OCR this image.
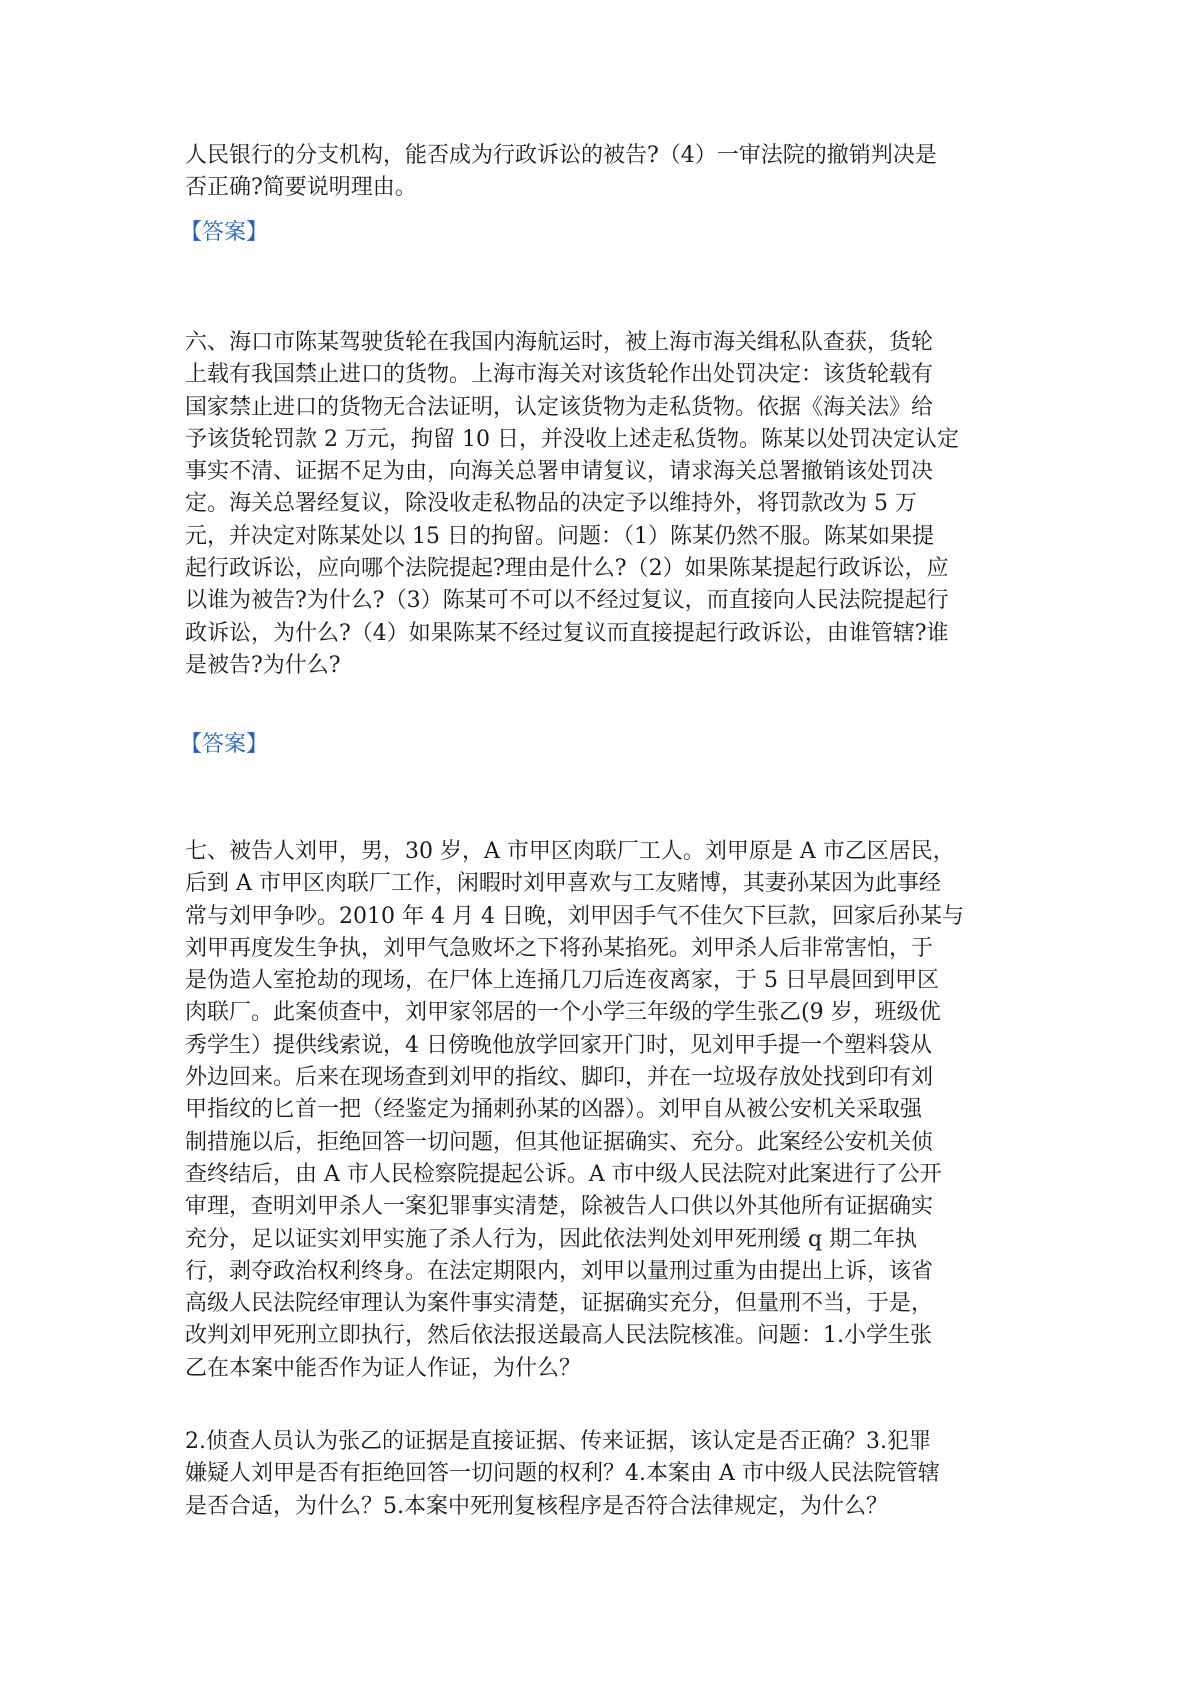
人民银行的分支机构，能否成为行政诉讼的被告?（4）一审法院的撤销判决是
否正确?简要说明理由。
【答案】
六、海口市陈某驾驶货轮在我国内海航运时，被上海市海关缉私队查获，货轮
上载有我国禁止进口的货物。上海市海关对该货轮作出处罚决定：该货轮载有
国家禁止进口的货物无合法证明，认定该货物为走私货物。依据《海关法》给
予该货轮罚款 2 万元，拘留 10 日，并没收上述走私货物。陈某以处罚决定认定
事实不清、证据不足为由，向海关总署申请复议，请求海关总署撤销该处罚决
定。海关总署经复议，除没收走私物品的决定予以维持外，将罚款改为 5 万
元，并决定对陈某处以 15 日的拘留。问题：（1）陈某仍然不服。陈某如果提
起行政诉讼，应向哪个法院提起?理由是什么?（2）如果陈某提起行政诉讼，应
以谁为被告?为什么?（3）陈某可不可以不经过复议，而直接向人民法院提起行
政诉讼，为什么?（4）如果陈某不经过复议而直接提起行政诉讼，由谁管辖?谁
是被告?为什么?
【答案】
七、被告人刘甲，男，30 岁，A 市甲区肉联厂工人。刘甲原是 A 市乙区居民，
后到 A 市甲区肉联厂工作，闲暇时刘甲喜欢与工友赌博，其妻孙某因为此事经
常与刘甲争吵。2010 年 4 月 4 日晚，刘甲因手气不佳欠下巨款，回家后孙某与
刘甲再度发生争执，刘甲气急败坏之下将孙某掐死。刘甲杀人后非常害怕，于
是伪造人室抢劫的现场，在尸体上连捅几刀后连夜离家，于 5 日早晨回到甲区
肉联厂。此案侦查中，刘甲家邻居的一个小学三年级的学生张乙(9 岁，班级优
秀学生）提供线索说，4 日傍晚他放学回家开门时，见刘甲手提一个塑料袋从
外边回来。后来在现场查到刘甲的指纹、脚印，并在一垃圾存放处找到印有刘
甲指纹的匕首一把（经鉴定为捅刺孙某的凶器）。刘甲自从被公安机关采取强
制措施以后，拒绝回答一切问题，但其他证据确实、充分。此案经公安机关侦
查终结后，由 A 市人民检察院提起公诉。A 市中级人民法院对此案进行了公开
审理，查明刘甲杀人一案犯罪事实清楚，除被告人口供以外其他所有证据确实
充分，足以证实刘甲实施了杀人行为，因此依法判处刘甲死刑缓 q 期二年执
行，剥夺政治权利终身。在法定期限内，刘甲以量刑过重为由提出上诉，该省
高级人民法院经审理认为案件事实清楚，证据确实充分，但量刑不当，于是，
改判刘甲死刑立即执行，然后依法报送最高人民法院核准。问题：1.小学生张
乙在本案中能否作为证人作证，为什么？
2.侦查人员认为张乙的证据是直接证据、传来证据，该认定是否正确？3.犯罪
嫌疑人刘甲是否有拒绝回答一切问题的权利？4.本案由 A 市中级人民法院管辖
是否合适，为什么？5.本案中死刑复核程序是否符合法律规定，为什么？
